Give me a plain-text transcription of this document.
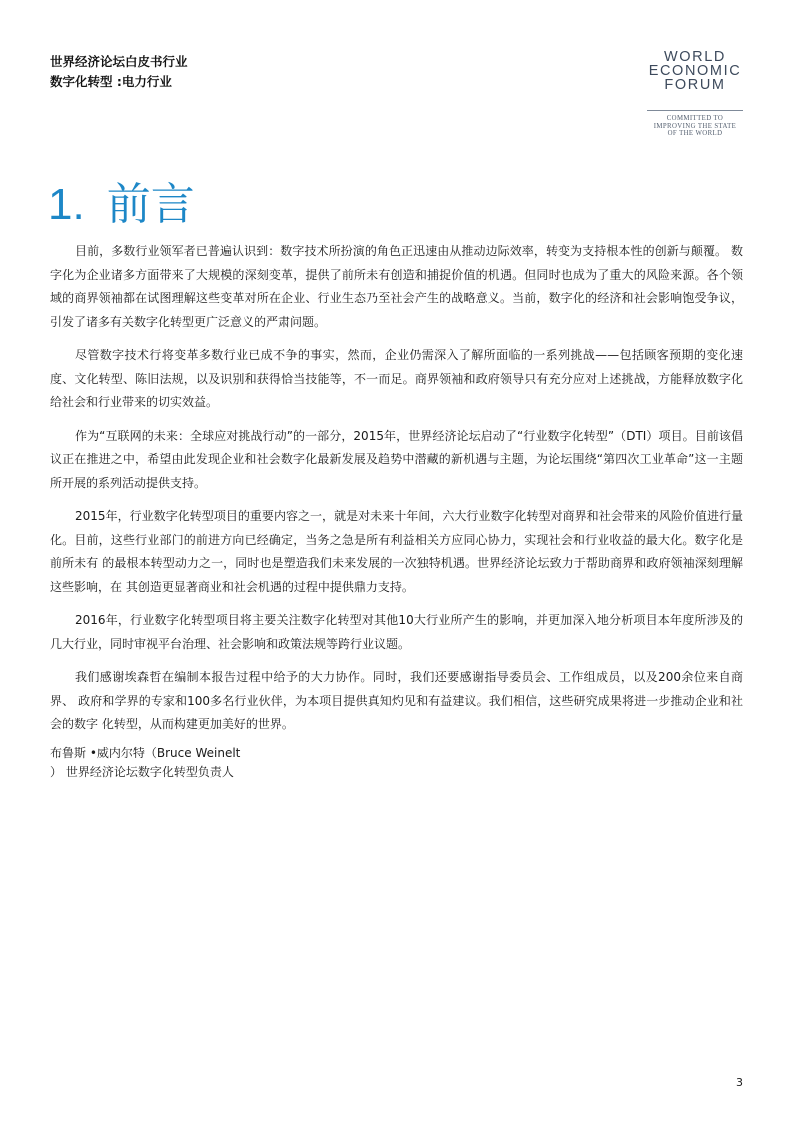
世界经济论坛白皮书行业
数字化转型 :电力行业
WORLD
ECONOMIC
FORUM
COMMITTED TO
IMPROVING THE STATE
OF THE WORLD
1. 前言

目前，多数行业领军者已普遍认识到：数字技术所扮演的角色正迅速由从推动边际效率，转变为支持根本性的创新与颠覆。 数字化为企业诸多方面带来了大规模的深刻变革，提供了前所未有创造和捕捉价值的机遇。但同时也成为了重大的风险来源。各个领域的商界领袖都在试图理解这些变革对所在企业、行业生态乃至社会产生的战略意义。当前，数字化的经济和社会影响饱受争议，引发了诸多有关数字化转型更广泛意义的严肃问题。

尽管数字技术行将变革多数行业已成不争的事实，然而，企业仍需深入了解所面临的一系列挑战——包括顾客预期的变化速度、文化转型、陈旧法规，以及识别和获得恰当技能等，不一而足。商界领袖和政府领导只有充分应对上述挑战，方能释放数字化给社会和行业带来的切实效益。

作为“互联网的未来：全球应对挑战行动”的一部分，2015年，世界经济论坛启动了“行业数字化转型”（DTI）项目。目前该倡议正在推进之中，希望由此发现企业和社会数字化最新发展及趋势中潜藏的新机遇与主题，为论坛围绕“第四次工业革命”这一主题所开展的系列活动提供支持。

2015年，行业数字化转型项目的重要内容之一，就是对未来十年间，六大行业数字化转型对商界和社会带来的风险价值进行量化。目前，这些行业部门的前进方向已经确定，当务之急是所有利益相关方应同心协力，实现社会和行业收益的最大化。数字化是前所未有 的最根本转型动力之一，同时也是塑造我们未来发展的一次独特机遇。世界经济论坛致力于帮助商界和政府领袖深刻理解这些影响，在 其创造更显著商业和社会机遇的过程中提供鼎力支持。

2016年，行业数字化转型项目将主要关注数字化转型对其他10大行业所产生的影响，并更加深入地分析项目本年度所涉及的几大行业，同时审视平台治理、社会影响和政策法规等跨行业议题。

我们感谢埃森哲在编制本报告过程中给予的大力协作。同时，我们还要感谢指导委员会、工作组成员，以及200余位来自商界、 政府和学界的专家和100多名行业伙伴，为本项目提供真知灼见和有益建议。我们相信，这些研究成果将进一步推动企业和社会的数字 化转型，从而构建更加美好的世界。

布鲁斯 •威内尔特（Bruce Weinelt
） 世界经济论坛数字化转型负责人
3
